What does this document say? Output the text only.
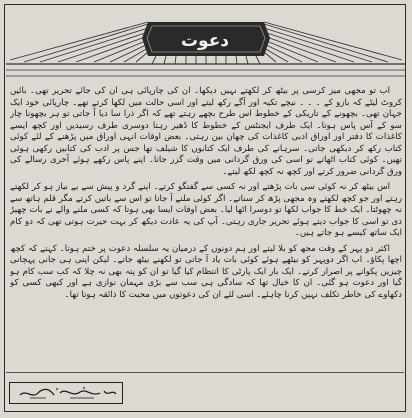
دعوت

اب تو مجھی میز کرسی پر بیٹھ کر لکھتے نہیں دیکھا۔ آن کی چارپائی ہی آن کی جائے تحریر تھی۔ بائیں کروٹ لیٹے کہ بازو کے ۔ ۔ ۔ نیچے تکیہ اور آگے رکھ لیتے اور اسی حالت میں لکھا کرتے تھے۔ چارپائی خود ایک جہان تھی۔ بچھونے کے تاریکی کے خطوط اس طرح بچھے رہتے تھے کہ اگر ذرا سا دیا آ جاتی تو ہر بچھونا چار سو کے آس پاس ہوتا۔ ایک طرف ایجنٹس کے خطوط کا ڈھیر رہتا دوسری طرف رسیدیں اور کچھ ایسے کاغذات کا دفتر اور اوراق ادبی کاغذات کی چھان بین رہتی۔ بعض اوقات انہی اوراق میں پڑھنے کے لئے کوئی کتاب رکھ کر دیکھی جاتی۔ سرہانے کی طرف ایک کتابوں کا شیلف تھا جس پر ادب کی کتابیں رکھی ہوئی تھیں۔ کوئی کتاب اٹھاتے تو اسی کی ورق گردانی میں وقت گزر جاتا۔ اپنے پاس رکھے ہوئے آخری رسالے کی ورق گردانی ضرور کرتے اور کچھ نہ کچھ لکھ لیتے۔

اس بیٹھ کر نہ کوئی سی بات پڑھتے اور نہ کسی سے گفتگو کرتے۔ اپنے گرد و پیش سے بے نیاز ہو کر لکھتے رہتے اور جو کچھ لکھتے وہ مجھی پڑھ کر سناتے۔ اگر کوئی ملنے آ جاتا تو اس سے باتیں کرتے مگر قلم ہاتھ سے نہ چھوٹتا۔ ایک خط کا جواب لکھا تو دوسرا اٹھا لیا۔ بعض اوقات ایسا بھی ہوتا کہ کسی ملنے والے نے بات چھیڑ دی تو اسی کا جواب دیتے ہوئے تحریر جاری رہتی۔ آپ کی یہ عادت دیکھ کر بہت حیرت ہوتی تھی کہ دو کام ایک ساتھ کیسے ہو جاتے ہیں۔

اکثر دو پہر کے وقت مجھ کو بلا لیتے اور ہم دونوں کے درمیان یہ سلسلہ دعوت پر ختم ہوتا۔ کہتے کہ کچھ اچھا پکاؤ۔ اب اگر دوپہر کو بیٹھے ہوئے کوئی بات یاد آ جاتی تو لکھنے بیٹھ جاتے۔ لیکن اپنی ہی جانی پہچانی چیزیں پکوانے پر اصرار کرتے۔ ایک بار ایک پارٹی کا انتظام کیا گیا تو ان کو پتہ بھی نہ چلا کہ کب سب کام ہو گیا اور دعوت ہو گئی۔ ان کا خیال تھا کہ سادگی ہی سب سے بڑی مہمان نوازی ہے اور کبھی کسی کو دکھاوے کی خاطر تکلف نہیں کرنا چاہئے۔ اسی لئے ان کی دعوتوں میں محبت کا ذائقہ ہوتا تھا۔
